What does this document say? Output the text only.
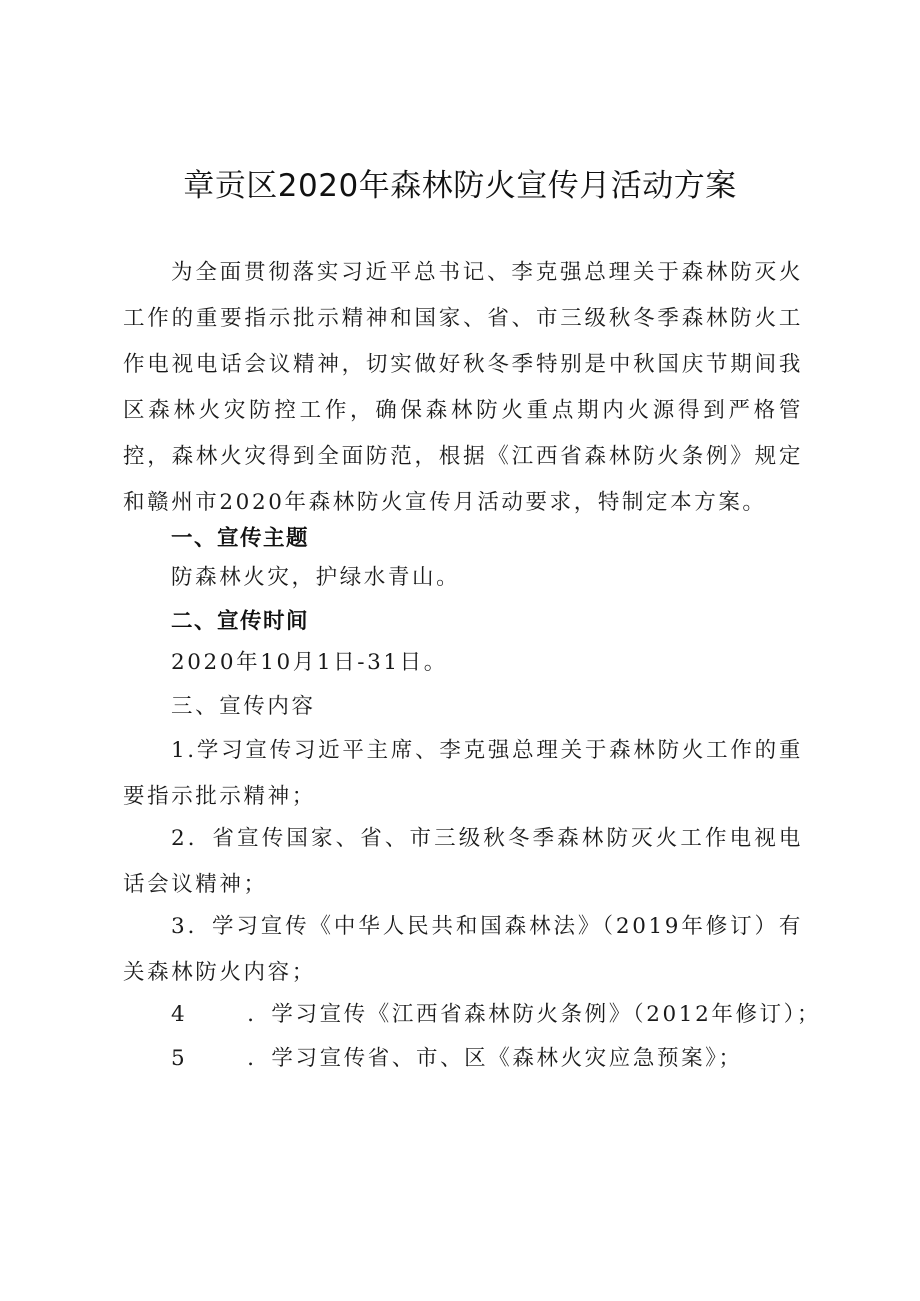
章贡区2020年森林防火宣传月活动方案
为全面贯彻落实习近平总书记、李克强总理关于森林防灭火工作的重要指示批示精神和国家、省、市三级秋冬季森林防火工作电视电话会议精神，切实做好秋冬季特别是中秋国庆节期间我区森林火灾防控工作，确保森林防火重点期内火源得到严格管控，森林火灾得到全面防范，根据《江西省森林防火条例》规定和赣州市2020年森林防火宣传月活动要求，特制定本方案。
一、宣传主题
防森林火灾，护绿水青山。
二、宣传时间
2020年10月1日-31日。
三、宣传内容
1.学习宣传习近平主席、李克强总理关于森林防火工作的重要指示批示精神；
2．省宣传国家、省、市三级秋冬季森林防灭火工作电视电话会议精神；
3．学习宣传《中华人民共和国森林法》（2019年修订）有关森林防火内容；
4	．学习宣传《江西省森林防火条例》（2012年修订）；
5	．学习宣传省、市、区《森林火灾应急预案》；
